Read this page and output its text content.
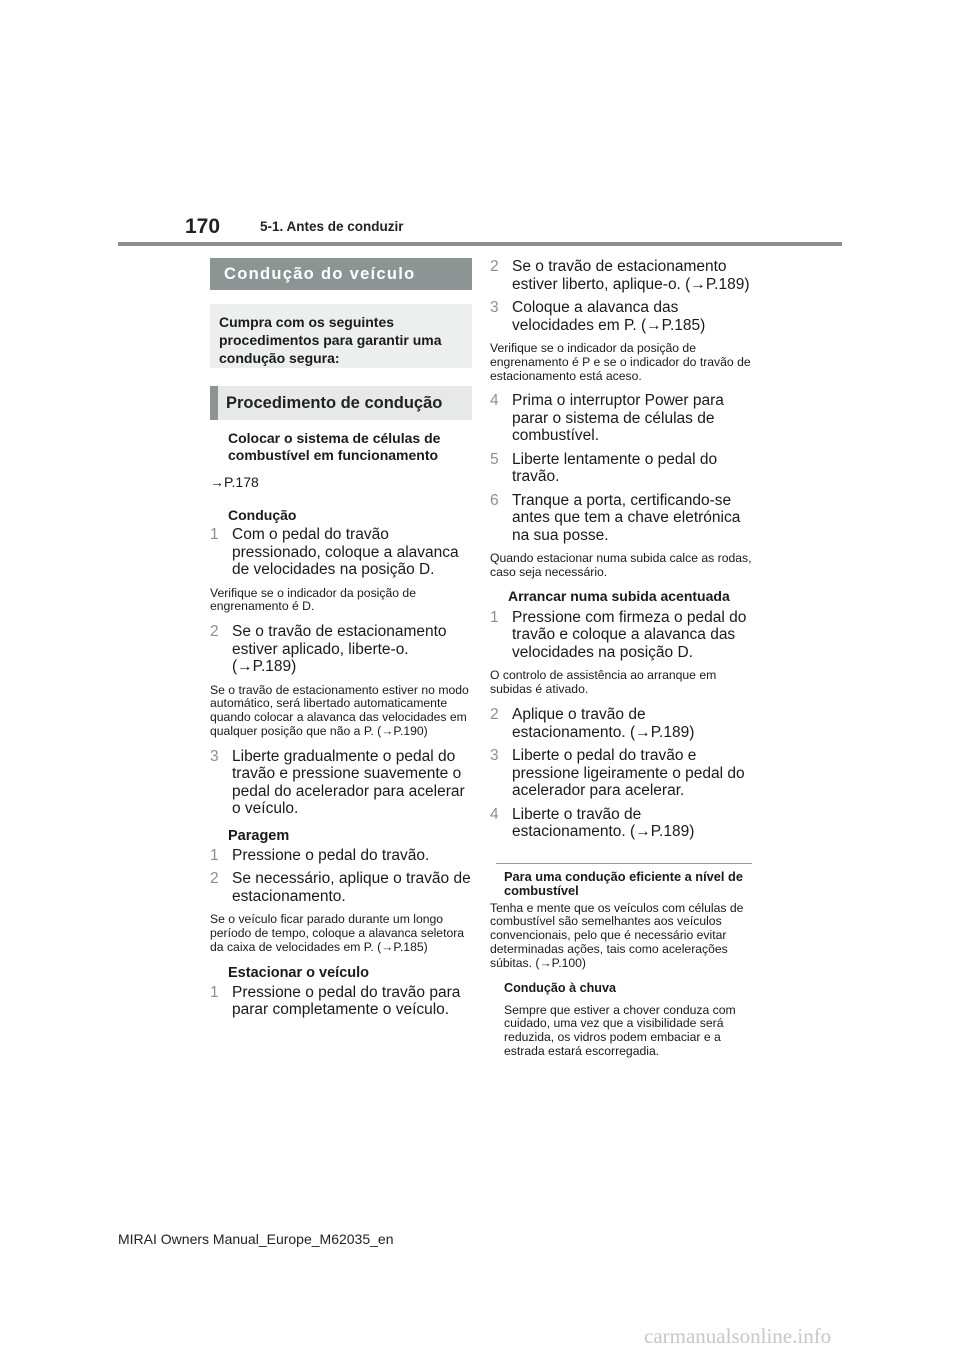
170	5-1. Antes de conduzir
Condução do veículo
Cumpra com os seguintes procedimentos para garantir uma condução segura:
Procedimento de condução
Colocar o sistema de células de combustível em funcionamento
→P.178
Condução
1 Com o pedal do travão pressionado, coloque a alavanca de velocidades na posição D.
Verifique se o indicador da posição de engrenamento é D.
2 Se o travão de estacionamento estiver aplicado, liberte-o. (→P.189)
Se o travão de estacionamento estiver no modo automático, será libertado automaticamente quando colocar a alavanca das velocidades em qualquer posição que não a P. (→P.190)
3 Liberte gradualmente o pedal do travão e pressione suavemente o pedal do acelerador para acelerar o veículo.
Paragem
1 Pressione o pedal do travão.
2 Se necessário, aplique o travão de estacionamento.
Se o veículo ficar parado durante um longo período de tempo, coloque a alavanca seletora da caixa de velocidades em P. (→P.185)
Estacionar o veículo
1 Pressione o pedal do travão para parar completamente o veículo.
2 Se o travão de estacionamento estiver liberto, aplique-o. (→P.189)
3 Coloque a alavanca das velocidades em P. (→P.185)
Verifique se o indicador da posição de engrenamento é P e se o indicador do travão de estacionamento está aceso.
4 Prima o interruptor Power para parar o sistema de células de combustível.
5 Liberte lentamente o pedal do travão.
6 Tranque a porta, certificando-se antes que tem a chave eletrónica na sua posse.
Quando estacionar numa subida calce as rodas, caso seja necessário.
Arrancar numa subida acentuada
1 Pressione com firmeza o pedal do travão e coloque a alavanca das velocidades na posição D.
O controlo de assistência ao arranque em subidas é ativado.
2 Aplique o travão de estacionamento. (→P.189)
3 Liberte o pedal do travão e pressione ligeiramente o pedal do acelerador para acelerar.
4 Liberte o travão de estacionamento. (→P.189)
Para uma condução eficiente a nível de combustível
Tenha e mente que os veículos com células de combustível são semelhantes aos veículos convencionais, pelo que é necessário evitar determinadas ações, tais como acelerações súbitas. (→P.100)
Condução à chuva
Sempre que estiver a chover conduza com cuidado, uma vez que a visibilidade será reduzida, os vidros podem embaciar e a estrada estará escorregadia.
MIRAI Owners Manual_Europe_M62035_en
carmanualsonline.info
